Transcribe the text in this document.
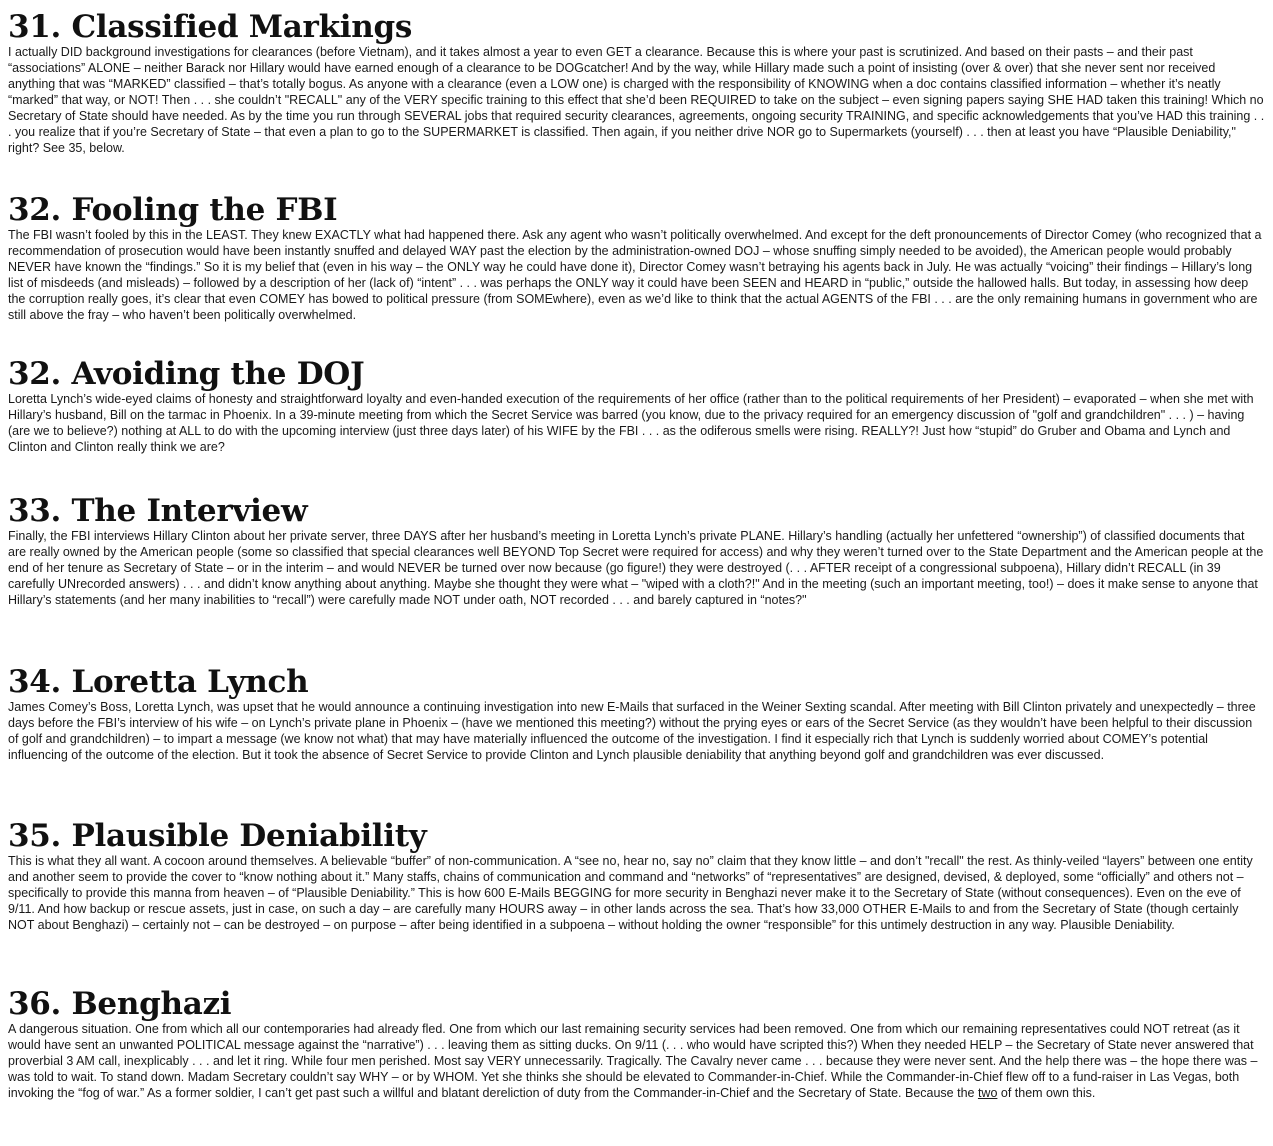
31. Classified Markings

I actually DID background investigations for clearances (before Vietnam), and it takes almost a year to even GET a clearance. Because this is where your past is scrutinized. And based on their pasts – and their past “associations” ALONE – neither Barack nor Hillary would have earned enough of a clearance to be DOGcatcher! And by the way, while Hillary made such a point of insisting (over & over) that she never sent nor received anything that was “MARKED” classified – that’s totally bogus. As anyone with a clearance (even a LOW one) is charged with the responsibility of KNOWING when a doc contains classified information – whether it’s neatly “marked” that way, or NOT! Then . . . she couldn’t "RECALL" any of the VERY specific training to this effect that she’d been REQUIRED to take on the subject – even signing papers saying SHE HAD taken this training! Which no Secretary of State should have needed. As by the time you run through SEVERAL jobs that required security clearances, agreements, ongoing security TRAINING, and specific acknowledgements that you’ve HAD this training . . . you realize that if you’re Secretary of State – that even a plan to go to the SUPERMARKET is classified. Then again, if you neither drive NOR go to Supermarkets (yourself) . . . then at least you have “Plausible Deniability," right? See 35, below.

32. Fooling the FBI

The FBI wasn’t fooled by this in the LEAST. They knew EXACTLY what had happened there. Ask any agent who wasn’t politically overwhelmed. And except for the deft pronouncements of Director Comey (who recognized that a recommendation of prosecution would have been instantly snuffed and delayed WAY past the election by the administration-owned DOJ – whose snuffing simply needed to be avoided), the American people would probably NEVER have known the “findings.” So it is my belief that (even in his way – the ONLY way he could have done it), Director Comey wasn’t betraying his agents back in July. He was actually “voicing” their findings – Hillary’s long list of misdeeds (and misleads) – followed by a description of her (lack of) “intent” . . . was perhaps the ONLY way it could have been SEEN and HEARD in “public,” outside the hallowed halls. But today, in assessing how deep the corruption really goes, it’s clear that even COMEY has bowed to political pressure (from SOMEwhere), even as we’d like to think that the actual AGENTS of the FBI . . . are the only remaining humans in government who are still above the fray – who haven’t been politically overwhelmed.

32. Avoiding the DOJ

Loretta Lynch’s wide-eyed claims of honesty and straightforward loyalty and even-handed execution of the requirements of her office (rather than to the political requirements of her President) – evaporated – when she met with Hillary’s husband, Bill on the tarmac in Phoenix. In a 39-minute meeting from which the Secret Service was barred (you know, due to the privacy required for an emergency discussion of "golf and grandchildren" . . . ) – having (are we to believe?) nothing at ALL to do with the upcoming interview (just three days later) of his WIFE by the FBI . . . as the odiferous smells were rising. REALLY?! Just how “stupid” do Gruber and Obama and Lynch and Clinton and Clinton really think we are?

33. The Interview

Finally, the FBI interviews Hillary Clinton about her private server, three DAYS after her husband’s meeting in Loretta Lynch’s private PLANE. Hillary’s handling (actually her unfettered “ownership”) of classified documents that are really owned by the American people (some so classified that special clearances well BEYOND Top Secret were required for access) and why they weren’t turned over to the State Department and the American people at the end of her tenure as Secretary of State – or in the interim – and would NEVER be turned over now because (go figure!) they were destroyed (. . . AFTER receipt of a congressional subpoena), Hillary didn’t RECALL (in 39 carefully UNrecorded answers) . . . and didn’t know anything about anything. Maybe she thought they were what – "wiped with a cloth?!" And in the meeting (such an important meeting, too!) – does it make sense to anyone that Hillary’s statements (and her many inabilities to “recall”) were carefully made NOT under oath, NOT recorded . . . and barely captured in “notes?"

34. Loretta Lynch

James Comey’s Boss, Loretta Lynch, was upset that he would announce a continuing investigation into new E-Mails that surfaced in the Weiner Sexting scandal. After meeting with Bill Clinton privately and unexpectedly – three days before the FBI’s interview of his wife – on Lynch’s private plane in Phoenix – (have we mentioned this meeting?) without the prying eyes or ears of the Secret Service (as they wouldn’t have been helpful to their discussion of golf and grandchildren) – to impart a message (we know not what) that may have materially influenced the outcome of the investigation. I find it especially rich that Lynch is suddenly worried about COMEY’s potential influencing of the outcome of the election. But it took the absence of Secret Service to provide Clinton and Lynch plausible deniability that anything beyond golf and grandchildren was ever discussed.

35. Plausible Deniability

This is what they all want. A cocoon around themselves. A believable “buffer” of non-communication. A “see no, hear no, say no” claim that they know little – and don’t "recall" the rest. As thinly-veiled “layers” between one entity and another seem to provide the cover to “know nothing about it.” Many staffs, chains of communication and command and “networks” of “representatives” are designed, devised, & deployed, some “officially” and others not – specifically to provide this manna from heaven – of “Plausible Deniability.” This is how 600 E-Mails BEGGING for more security in Benghazi never make it to the Secretary of State (without consequences). Even on the eve of 9/11. And how backup or rescue assets, just in case, on such a day – are carefully many HOURS away – in other lands across the sea. That’s how 33,000 OTHER E-Mails to and from the Secretary of State (though certainly NOT about Benghazi) – certainly not – can be destroyed – on purpose – after being identified in a subpoena – without holding the owner “responsible” for this untimely destruction in any way. Plausible Deniability.

36. Benghazi

A dangerous situation. One from which all our contemporaries had already fled. One from which our last remaining security services had been removed. One from which our remaining representatives could NOT retreat (as it would have sent an unwanted POLITICAL message against the “narrative”) . . . leaving them as sitting ducks. On 9/11 (. . . who would have scripted this?) When they needed HELP – the Secretary of State never answered that proverbial 3 AM call, inexplicably . . . and let it ring. While four men perished. Most say VERY unnecessarily. Tragically. The Cavalry never came . . . because they were never sent. And the help there was – the hope there was – was told to wait. To stand down. Madam Secretary couldn’t say WHY – or by WHOM. Yet she thinks she should be elevated to Commander-in-Chief. While the Commander-in-Chief flew off to a fund-raiser in Las Vegas, both invoking the “fog of war.” As a former soldier, I can’t get past such a willful and blatant dereliction of duty from the Commander-in-Chief and the Secretary of State. Because the two of them own this.
